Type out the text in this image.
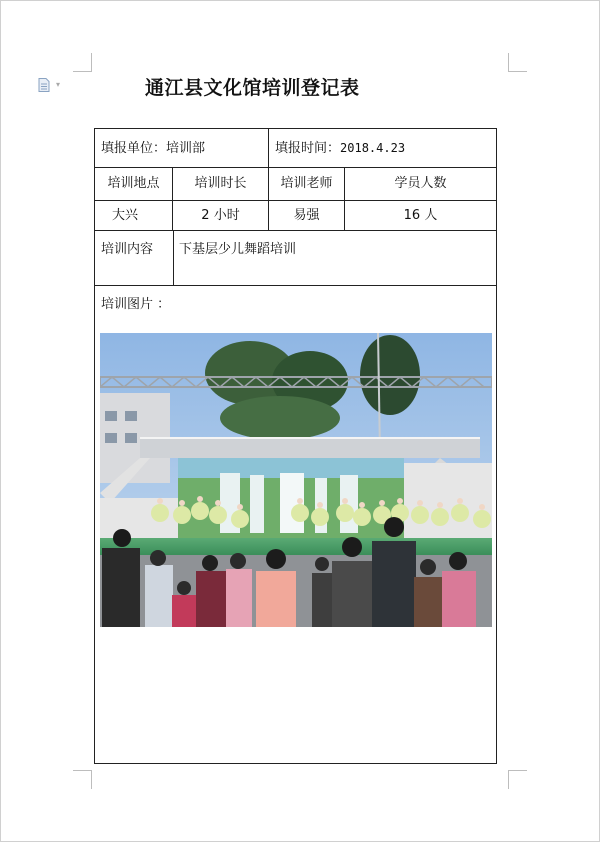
▾	通江县文化馆培训登记表
填报单位：培训部	填报时间：2018.4.23
培训地点	培训时长	培训老师	学员人数
大兴	2 小时	易强	16 人
培训内容 下基层少儿舞蹈培训
培训图片 ：
